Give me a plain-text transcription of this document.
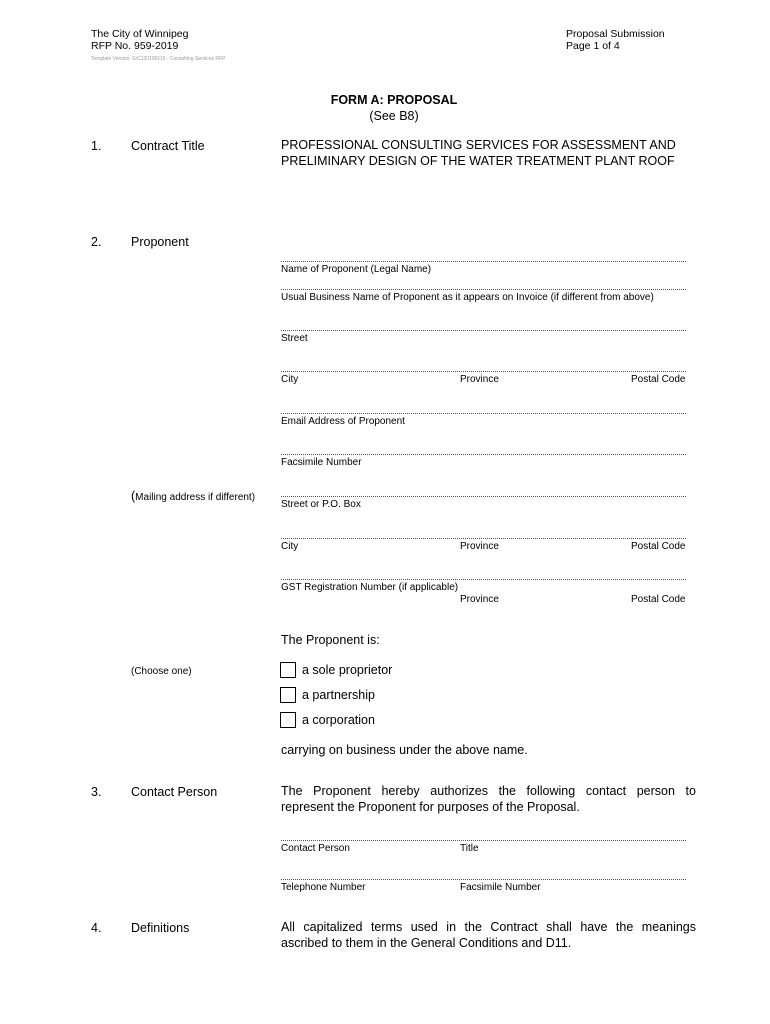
The City of Winnipeg
RFP No. 959-2019
Template Version: SrC120190115 - Consulting Services RFP
Proposal Submission
Page 1 of 4
FORM A: PROPOSAL
(See B8)
1. Contract Title	PROFESSIONAL CONSULTING SERVICES FOR ASSESSMENT AND
PRELIMINARY DESIGN OF THE WATER TREATMENT PLANT ROOF
2. Proponent
Name of Proponent (Legal Name)
Usual Business Name of Proponent as it appears on Invoice (if different from above)
Street
City	Province	Postal Code
Email Address of Proponent
Facsimile Number
(Mailing address if different)
Street or P.O. Box
City	Province	Postal Code
GST Registration Number (if applicable)
Province	Postal Code
The Proponent is:
(Choose one)	a sole proprietor
a partnership
a corporation
carrying on business under the above name.
3. Contact Person	The Proponent hereby authorizes the following contact person to
represent the Proponent for purposes of the Proposal.
Contact Person	Title
Telephone Number	Facsimile Number
4. Definitions	All capitalized terms used in the Contract shall have the meanings
ascribed to them in the General Conditions and D11.
